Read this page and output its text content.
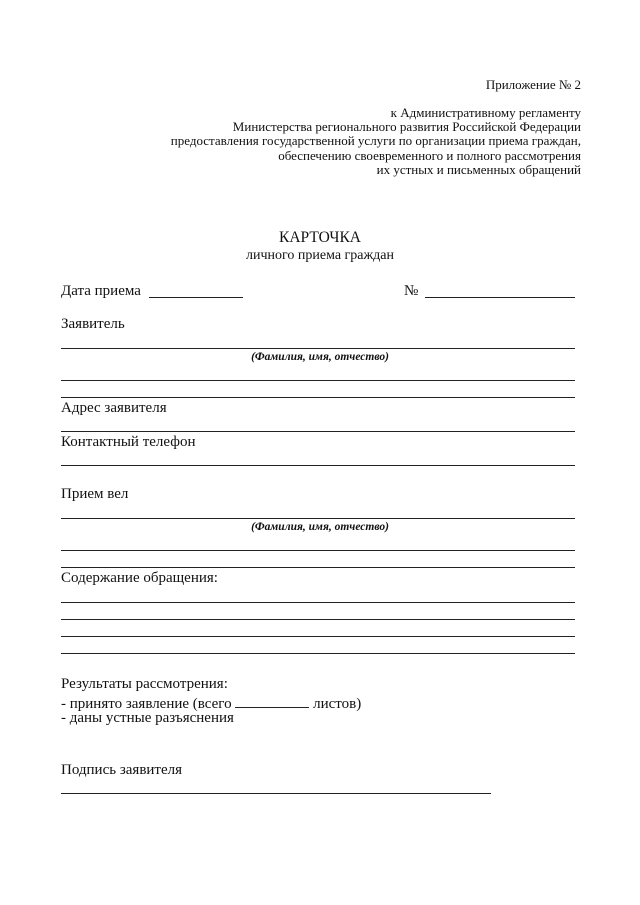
Приложение № 2
к Административному регламенту
Министерства регионального развития Российской Федерации
предоставления государственной услуги по организации приема граждан,
обеспечению своевременного и полного рассмотрения
их устных и письменных обращений
КАРТОЧКА
личного приема граждан
Дата приема	№
Заявитель
(Фамилия, имя, отчество)
Адрес заявителя
Контактный телефон
Прием вел
(Фамилия, имя, отчество)
Содержание обращения:
Результаты рассмотрения:
- принято заявление (всего	листов)
- даны устные разъяснения
Подпись заявителя
